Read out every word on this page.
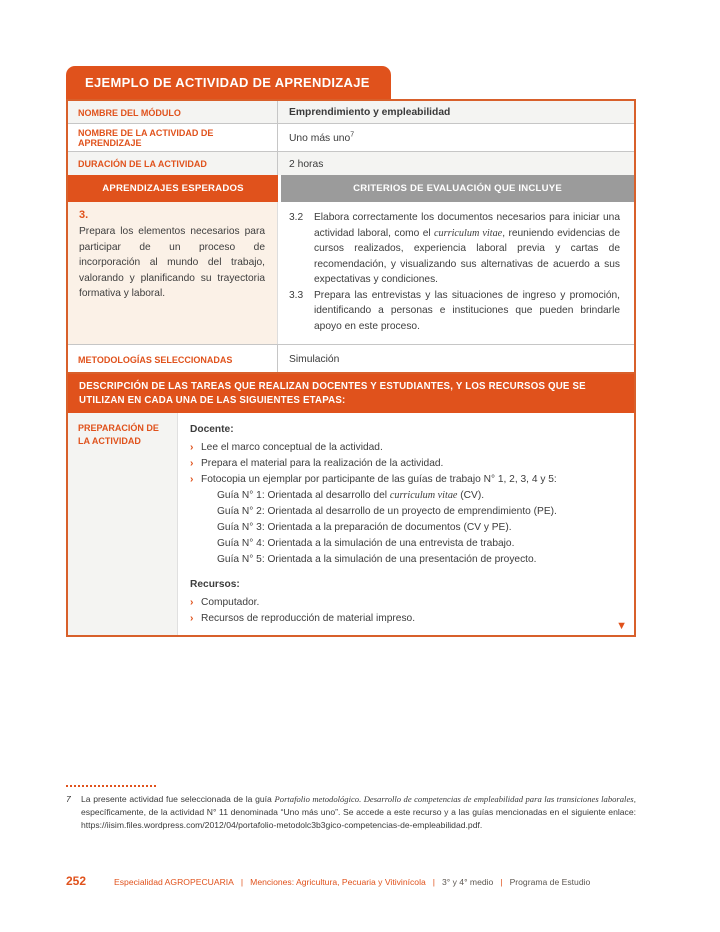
EJEMPLO DE ACTIVIDAD DE APRENDIZAJE
NOMBRE DEL MÓDULO	Emprendimiento y empleabilidad
NOMBRE DE LA ACTIVIDAD DE APRENDIZAJE	Uno más uno$^7$
DURACIÓN DE LA ACTIVIDAD	2 horas
APRENDIZAJES ESPERADOS	CRITERIOS DE EVALUACIÓN QUE INCLUYE
3.

Prepara los elementos necesarios para participar de un proceso de incorporación al mundo del trabajo, valorando y planificando su trayectoria formativa y laboral.

3.2	Elabora correctamente los documentos necesarios para iniciar una actividad laboral, como el curriculum vitae, reuniendo evidencias de cursos realizados, experiencia laboral previa y cartas de recomendación, y visualizando sus alternativas de acuerdo a sus expectativas y condiciones.
3.3	Prepara las entrevistas y las situaciones de ingreso y promoción, identificando a personas e instituciones que pueden brindarle apoyo en este proceso.
METODOLOGÍAS SELECCIONADAS	Simulación
DESCRIPCIÓN DE LAS TAREAS QUE REALIZAN DOCENTES Y ESTUDIANTES, Y LOS RECURSOS QUE SE UTILIZAN EN CADA UNA DE LAS SIGUIENTES ETAPAS:
PREPARACIÓN DE LA ACTIVIDAD
Docente:
› Lee el marco conceptual de la actividad.
› Prepara el material para la realización de la actividad.
› Fotocopia un ejemplar por participante de las guías de trabajo N° 1, 2, 3, 4 y 5:
Guía N° 1: Orientada al desarrollo del curriculum vitae (CV).
Guía N° 2: Orientada al desarrollo de un proyecto de emprendimiento (PE).
Guía N° 3: Orientada a la preparación de documentos (CV y PE).
Guía N° 4: Orientada a la simulación de una entrevista de trabajo.
Guía N° 5: Orientada a la simulación de una presentación de proyecto.
Recursos:
› Computador.
› Recursos de reproducción de material impreso.
▼
7	La presente actividad fue seleccionada de la guía Portafolio metodológico. Desarrollo de competencias de empleabilidad para las transiciones laborales, específicamente, de la actividad N° 11 denominada “Uno más uno”. Se accede a este recurso y a las guías mencionadas en el siguiente enlace: https://iisim.files.wordpress.com/2012/04/portafolio-metodolc3b3gico-competencias-de-empleabilidad.pdf.
252	Especialidad AGROPECUARIA | Menciones: Agricultura, Pecuaria y Vitivinícola | 3° y 4° medio | Programa de Estudio
